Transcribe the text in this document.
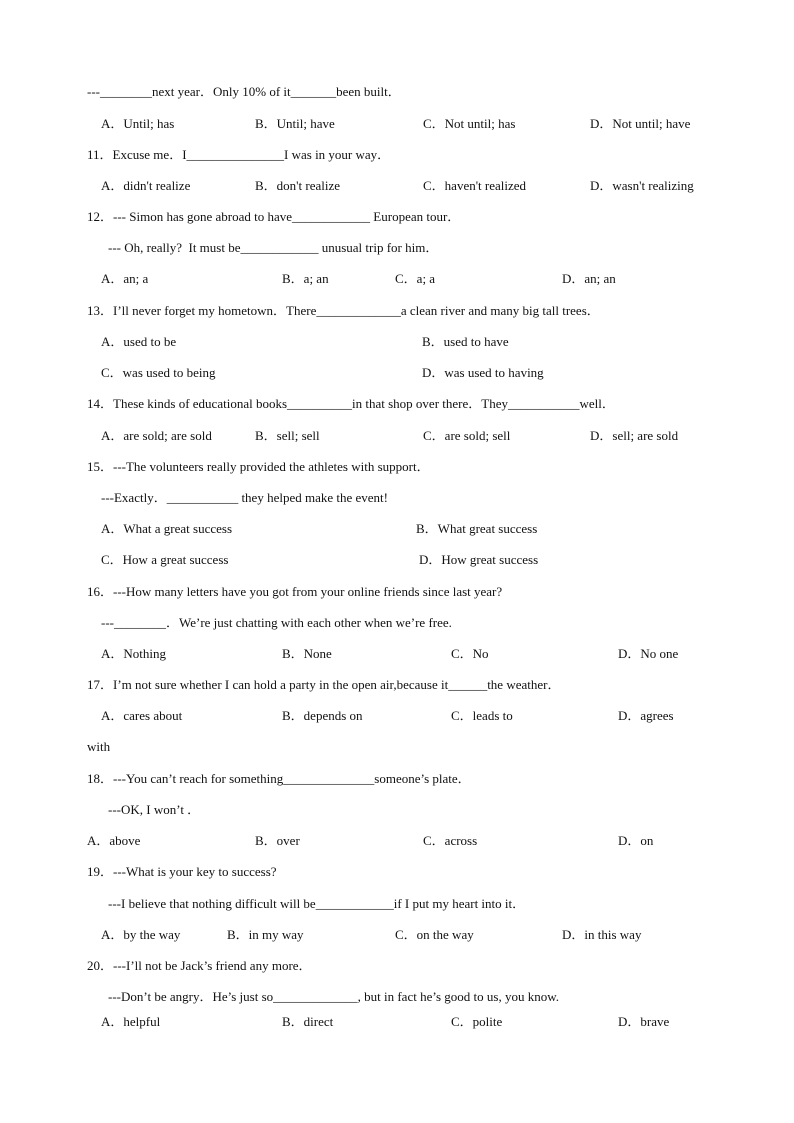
---________next year．Only 10% of it_______been built．
A．Until; has	B．Until; have	C．Not until; has	D．Not until; have
11．Excuse me．I_______________I was in your way．
A．didn't realize	B．don't realize	C．haven't realized	D．wasn't realizing
12．--- Simon has gone abroad to have____________ European tour．
--- Oh, really?  It must be____________ unusual trip for him．
A．an; a	B．a; an	C．a; a	D．an; an
13．I’ll never forget my hometown．There_____________a clean river and many big tall trees．
A．used to be	B．used to have
C．was used to being	D．was used to having
14．These kinds of educational books__________in that shop over there．They___________well．
A．are sold; are sold	B．sell; sell	C．are sold; sell	D．sell; are sold
15．---The volunteers really provided the athletes with support．
---Exactly．___________ they helped make the event!
A．What a great success	B．What great success
C．How a great success	D．How great success
16．---How many letters have you got from your online friends since last year?
---________．We’re just chatting with each other when we’re free.
A．Nothing	B．None	C．No	D．No one
17．I’m not sure whether I can hold a party in the open air,because it______the weather．
A．cares about	B．depends on	C．leads to	D．agrees
with
18．---You can’t reach for something______________someone’s plate．
---OK, I won’t ．
A．above	B．over	C．across	D．on
19．---What is your key to success?
---I believe that nothing difficult will be____________if I put my heart into it．
A．by the way	B．in my way	C．on the way	D．in this way
20．---I’ll not be Jack’s friend any more．
---Don’t be angry．He’s just so_____________, but in fact he’s good to us, you know.
A．helpful	B．direct	C．polite	D．brave
